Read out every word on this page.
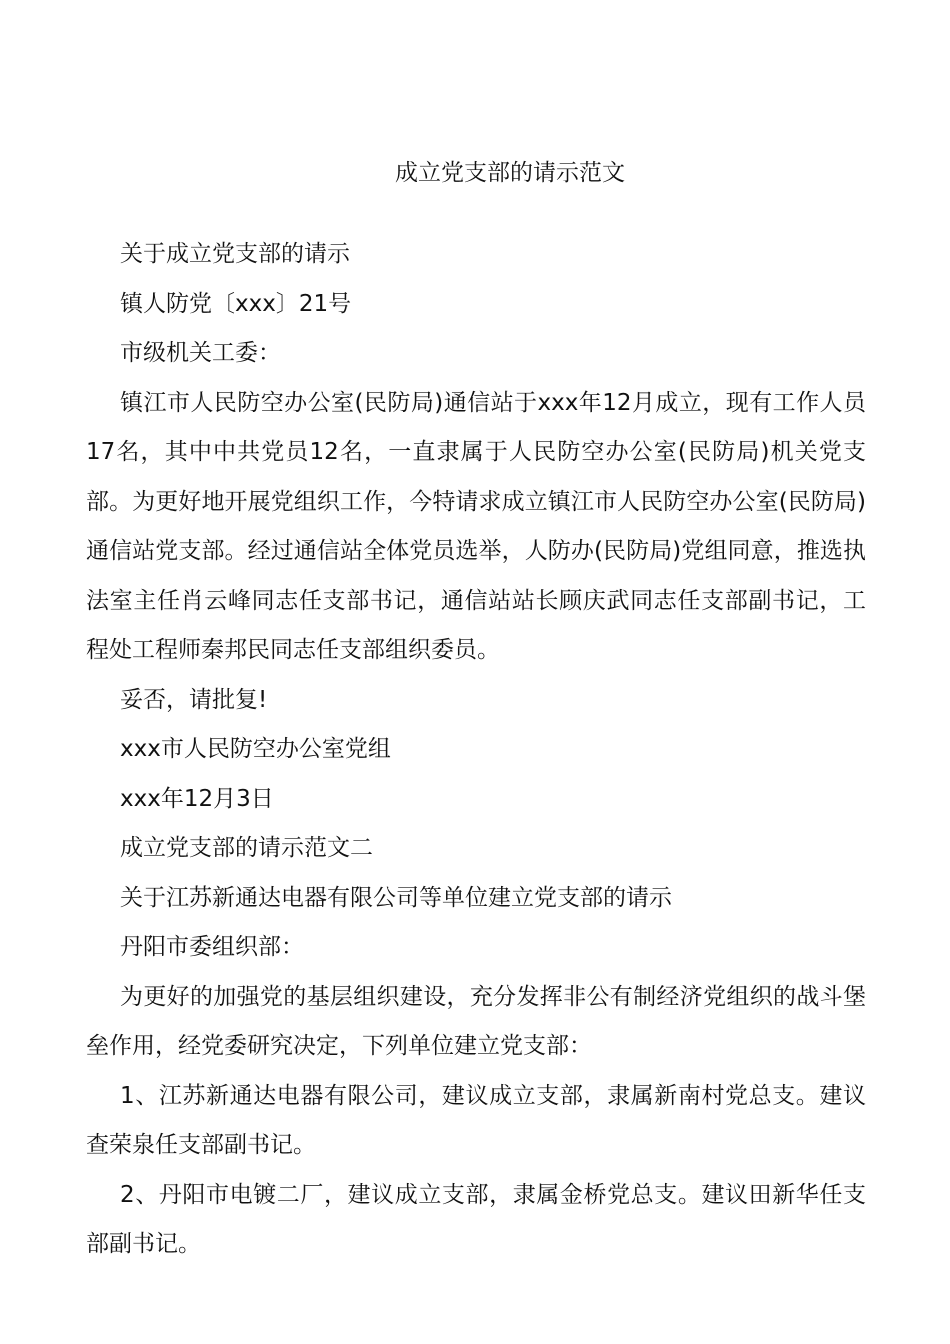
成立党支部的请示范文

关于成立党支部的请示

镇人防党〔xxx〕21号

市级机关工委：

镇江市人民防空办公室(民防局)通信站于xxx年12月成立，现有工作人员17名，其中中共党员12名，一直隶属于人民防空办公室(民防局)机关党支部。为更好地开展党组织工作，今特请求成立镇江市人民防空办公室(民防局)通信站党支部。经过通信站全体党员选举，人防办(民防局)党组同意，推选执法室主任肖云峰同志任支部书记，通信站站长顾庆武同志任支部副书记，工程处工程师秦邦民同志任支部组织委员。

妥否，请批复!

xxx市人民防空办公室党组

xxx年12月3日

成立党支部的请示范文二

关于江苏新通达电器有限公司等单位建立党支部的请示

丹阳市委组织部：

为更好的加强党的基层组织建设，充分发挥非公有制经济党组织的战斗堡垒作用，经党委研究决定，下列单位建立党支部：

1、江苏新通达电器有限公司，建议成立支部，隶属新南村党总支。建议查荣泉任支部副书记。

2、丹阳市电镀二厂，建议成立支部，隶属金桥党总支。建议田新华任支部副书记。
